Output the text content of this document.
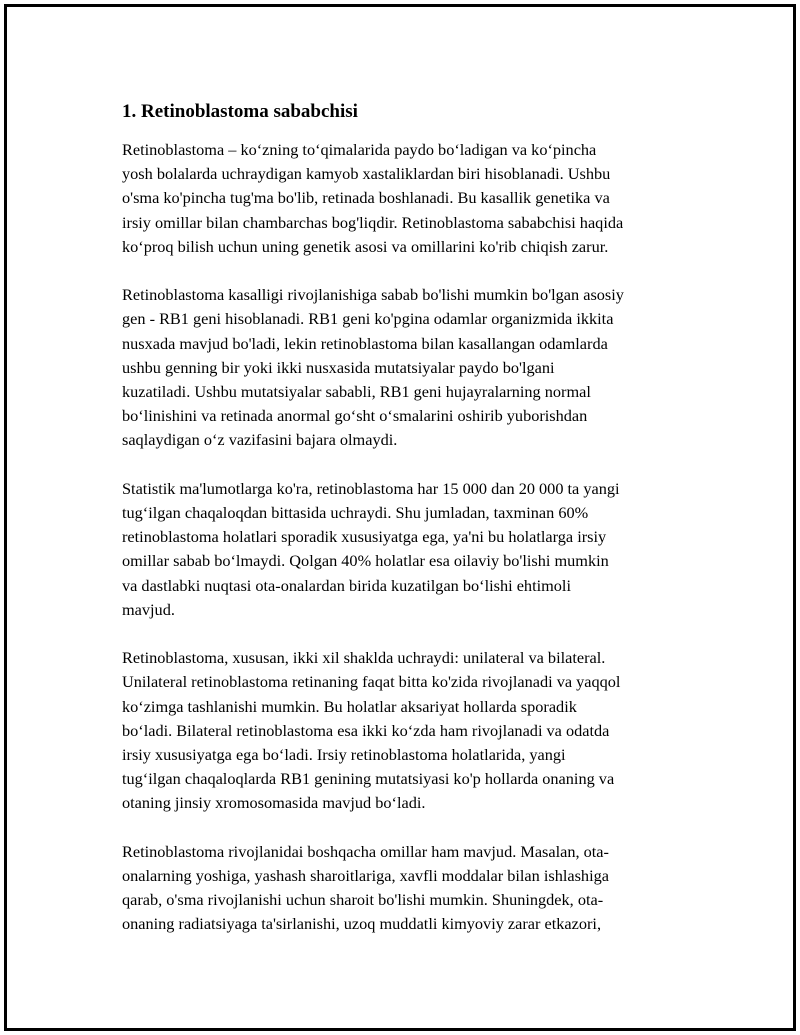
1. Retinoblastoma sababchisi

Retinoblastoma – ko‘zning to‘qimalarida paydo bo‘ladigan va ko‘pincha
yosh bolalarda uchraydigan kamyob xastaliklardan biri hisoblanadi. Ushbu
o'sma ko'pincha tug'ma bo'lib, retinada boshlanadi. Bu kasallik genetika va
irsiy omillar bilan chambarchas bog'liqdir. Retinoblastoma sababchisi haqida
ko‘proq bilish uchun uning genetik asosi va omillarini ko'rib chiqish zarur.

Retinoblastoma kasalligi rivojlanishiga sabab bo'lishi mumkin bo'lgan asosiy
gen - RB1 geni hisoblanadi. RB1 geni ko'pgina odamlar organizmida ikkita
nusxada mavjud bo'ladi, lekin retinoblastoma bilan kasallangan odamlarda
ushbu genning bir yoki ikki nusxasida mutatsiyalar paydo bo'lgani
kuzatiladi. Ushbu mutatsiyalar sababli, RB1 geni hujayralarning normal
bo‘linishini va retinada anormal go‘sht o‘smalarini oshirib yuborishdan
saqlaydigan o‘z vazifasini bajara olmaydi.

Statistik ma'lumotlarga ko'ra, retinoblastoma har 15 000 dan 20 000 ta yangi
tug‘ilgan chaqaloqdan bittasida uchraydi. Shu jumladan, taxminan 60%
retinoblastoma holatlari sporadik xususiyatga ega, ya'ni bu holatlarga irsiy
omillar sabab bo‘lmaydi. Qolgan 40% holatlar esa oilaviy bo'lishi mumkin
va dastlabki nuqtasi ota-onalardan birida kuzatilgan bo‘lishi ehtimoli
mavjud.

Retinoblastoma, xususan, ikki xil shaklda uchraydi: unilateral va bilateral.
Unilateral retinoblastoma retinaning faqat bitta ko'zida rivojlanadi va yaqqol
ko‘zimga tashlanishi mumkin. Bu holatlar aksariyat hollarda sporadik
bo‘ladi. Bilateral retinoblastoma esa ikki ko‘zda ham rivojlanadi va odatda
irsiy xususiyatga ega bo‘ladi. Irsiy retinoblastoma holatlarida, yangi
tug‘ilgan chaqaloqlarda RB1 genining mutatsiyasi ko'p hollarda onaning va
otaning jinsiy xromosomasida mavjud bo‘ladi.

Retinoblastoma rivojlanidai boshqacha omillar ham mavjud. Masalan, ota-
onalarning yoshiga, yashash sharoitlariga, xavfli moddalar bilan ishlashiga
qarab, o'sma rivojlanishi uchun sharoit bo'lishi mumkin. Shuningdek, ota-
onaning radiatsiyaga ta'sirlanishi, uzoq muddatli kimyoviy zarar etkazori,
